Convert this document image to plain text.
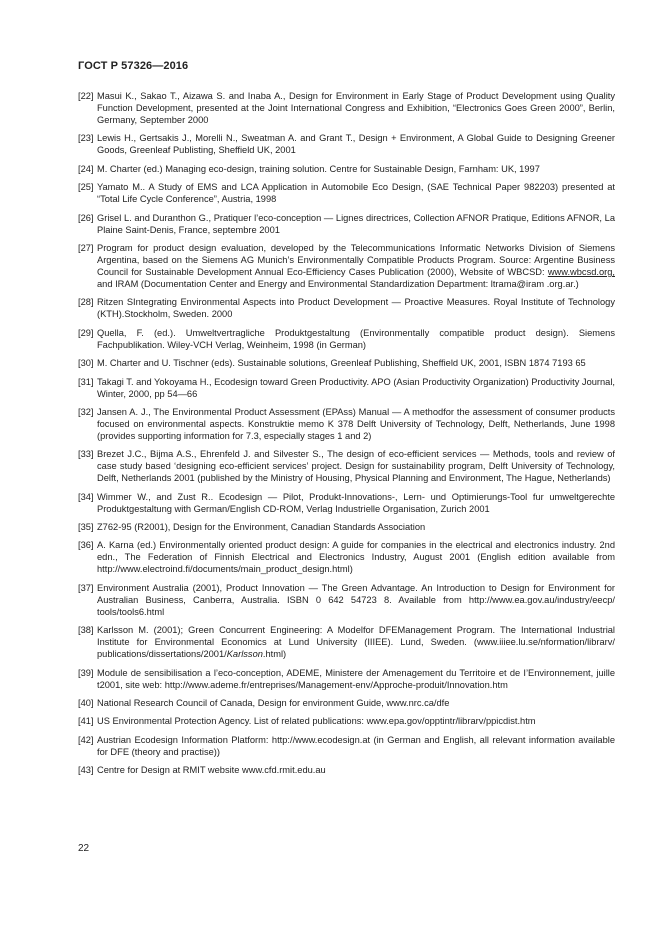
ГОСТ Р 57326—2016
[22] Masui K., Sakao T., Aizawa S. and Inaba A., Design for Environment in Early Stage of Product Development using Quality Function Development, presented at the Joint International Congress and Exhibition, “Electronics Goes Green 2000”, Berlin, Germany, September 2000
[23] Lewis H., Gertsakis J., Morelli N., Sweatman A. and Grant T., Design + Environment, A Global Guide to Designing Greener Goods, Greenleaf Publisting, Sheffield UK, 2001
[24] M. Charter (ed.) Managing eco-design, training solution. Centre for Sustainable Design, Farnham: UK, 1997
[25] Yamato M.. A Study of EMS and LCA Application in Automobile Eco Design, (SAE Technical Paper 982203) presented at “Total Life Cycle Conference”, Austria, 1998
[26] Grisel L. and Duranthon G., Pratiquer l’eco-conception — Lignes directrices, Collection AFNOR Pratique, Editions AFNOR, La Plaine Saint-Denis, France, septembre 2001
[27] Program for product design evaluation, developed by the Telecommunications Informatic Networks Division of Siemens Argentina, based on the Siemens AG Munich’s Environmentally Compatible Products Program. Source: Argentine Business Council for Sustainable Development Annual Eco-Efficiency Cases Publication (2000), Website of WBCSD: www.wbcsd.org, and IRAM (Documentation Center and Energy and Environmental Standardization Department: ltrama@iram .org.ar.)
[28] Ritzen SIntegrating Environmental Aspects into Product Development — Proactive Measures. Royal Institute of Technology (KTH).Stockholm, Sweden. 2000
[29] Quella, F. (ed.). Umweltvertragliche Produktgestaltung (Environmentally compatible product design). Siemens Fachpublikation. Wiley-VCH Verlag, Weinheim, 1998 (in German)
[30] M. Charter and U. Tischner (eds). Sustainable solutions, Greenleaf Publishing, Sheffield UK, 2001, ISBN 1874 7193 65
[31] Takagi T. and Yokoyama H., Ecodesign toward Green Productivity. APO (Asian Productivity Organization) Productivity Journal, Winter, 2000, pp 54—66
[32] Jansen A. J., The Environmental Product Assessment (EPAss) Manual — A methodfor the assessment of consumer products focused on environmental aspects. Konstruktie memo K 378 Delft University of Technology, Delft, Netherlands, June 1998 (provides supporting information for 7.3, especially stages 1 and 2)
[33] Brezet J.C., Bijma A.S., Ehrenfeld J. and Silvester S., The design of eco-efficient services — Methods, tools and review of case study based ‘designing eco-efficient services’ project. Design for sustainability program, Delft University of Technology, Delft, Netherlands 2001 (published by the Ministry of Housing, Physical Planning and Environment, The Hague, Netherlands)
[34] Wimmer W., and Zust R.. Ecodesign — Pilot, Produkt-Innovations-, Lern- und Optimierungs-Tool fur umweltgerechte Produktgestaltung with German/English CD-ROM, Verlag Industrielle Organisation, Zurich 2001
[35] Z762-95 (R2001), Design for the Environment, Canadian Standards Association
[36] A. Karna (ed.) Environmentally oriented product design: A guide for companies in the electrical and electronics industry. 2nd edn., The Federation of Finnish Electrical and Electronics Industry, August 2001 (English edition available from http://www.electroind.fi/documents/main_product_design.html)
[37] Environment Australia (2001), Product Innovation — The Green Advantage. An Introduction to Design for Environment for Australian Business, Canberra, Australia. ISBN 0 642 54723 8. Available from http://www.ea.gov.au/industry/eecp/ tools/tools6.html
[38] Karlsson M. (2001); Green Concurrent Engineering: A Modelfor DFEManagement Program. The International Industrial Institute for Environmental Economics at Lund University (IIIEE). Lund, Sweden. (www.iiiee.lu.se/nformation/librarv/ publications/dissertations/2001/Karlsson.html)
[39] Module de sensibilisation a l’eco-conception, ADEME, Ministere der Amenagement du Territoire et de I’Environnement, juille t2001, site web: http://www.ademe.fr/entreprises/Management-env/Approche-produit/Innovation.htm
[40] National Research Council of Canada, Design for environment Guide, www.nrc.ca/dfe
[41] US Environmental Protection Agency. List of related publications: www.epa.gov/opptintr/librarv/ppicdist.htm
[42] Austrian Ecodesign Information Platform: http://www.ecodesign.at (in German and English, all relevant information available for DFE (theory and practise))
[43] Centre for Design at RMIT website www.cfd.rmit.edu.au
22
